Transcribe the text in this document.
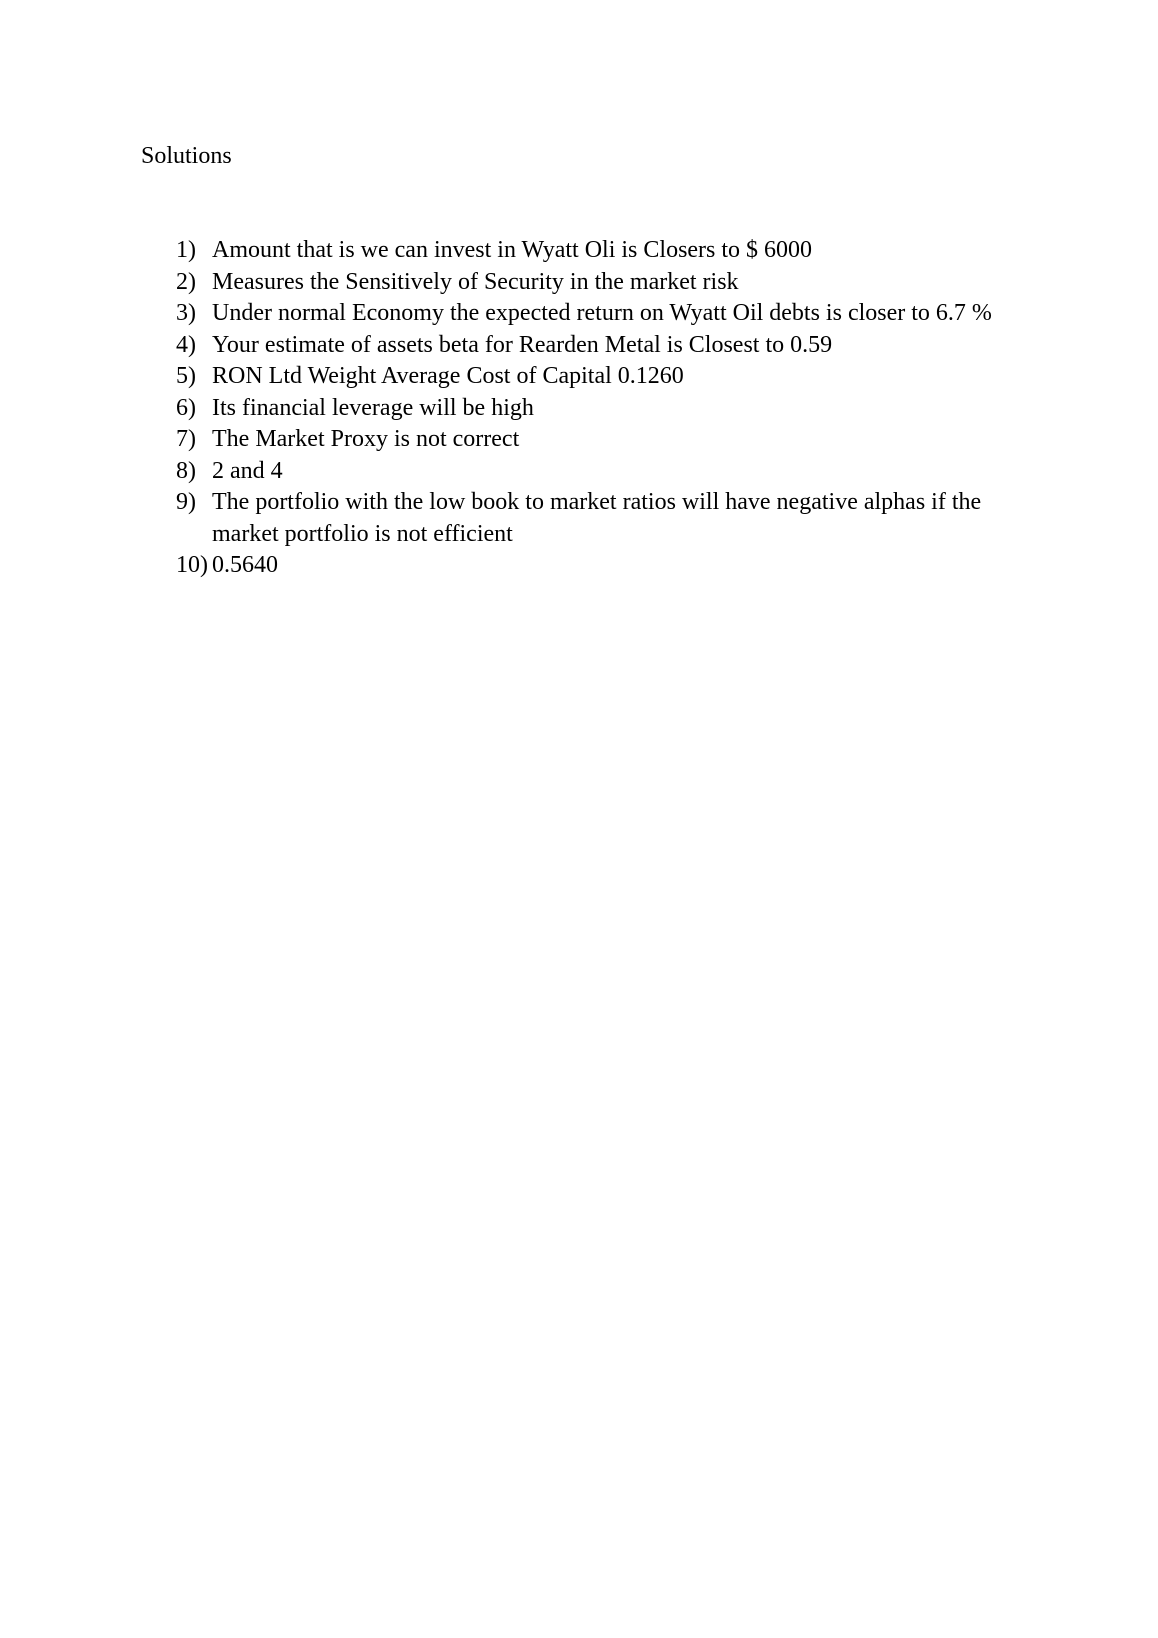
Solutions
1) Amount that is we can invest in Wyatt Oli is Closers to $ 6000
2) Measures the Sensitively of Security in the market risk
3) Under normal Economy the expected return on Wyatt Oil debts is closer to 6.7 %
4) Your estimate of assets beta for Rearden Metal is Closest to 0.59
5) RON Ltd Weight Average Cost of Capital 0.1260
6) Its financial leverage will be high
7) The Market Proxy is not correct
8) 2 and 4
9) The portfolio with the low book to market ratios will have negative alphas if the market portfolio is not efficient
10) 0.5640
